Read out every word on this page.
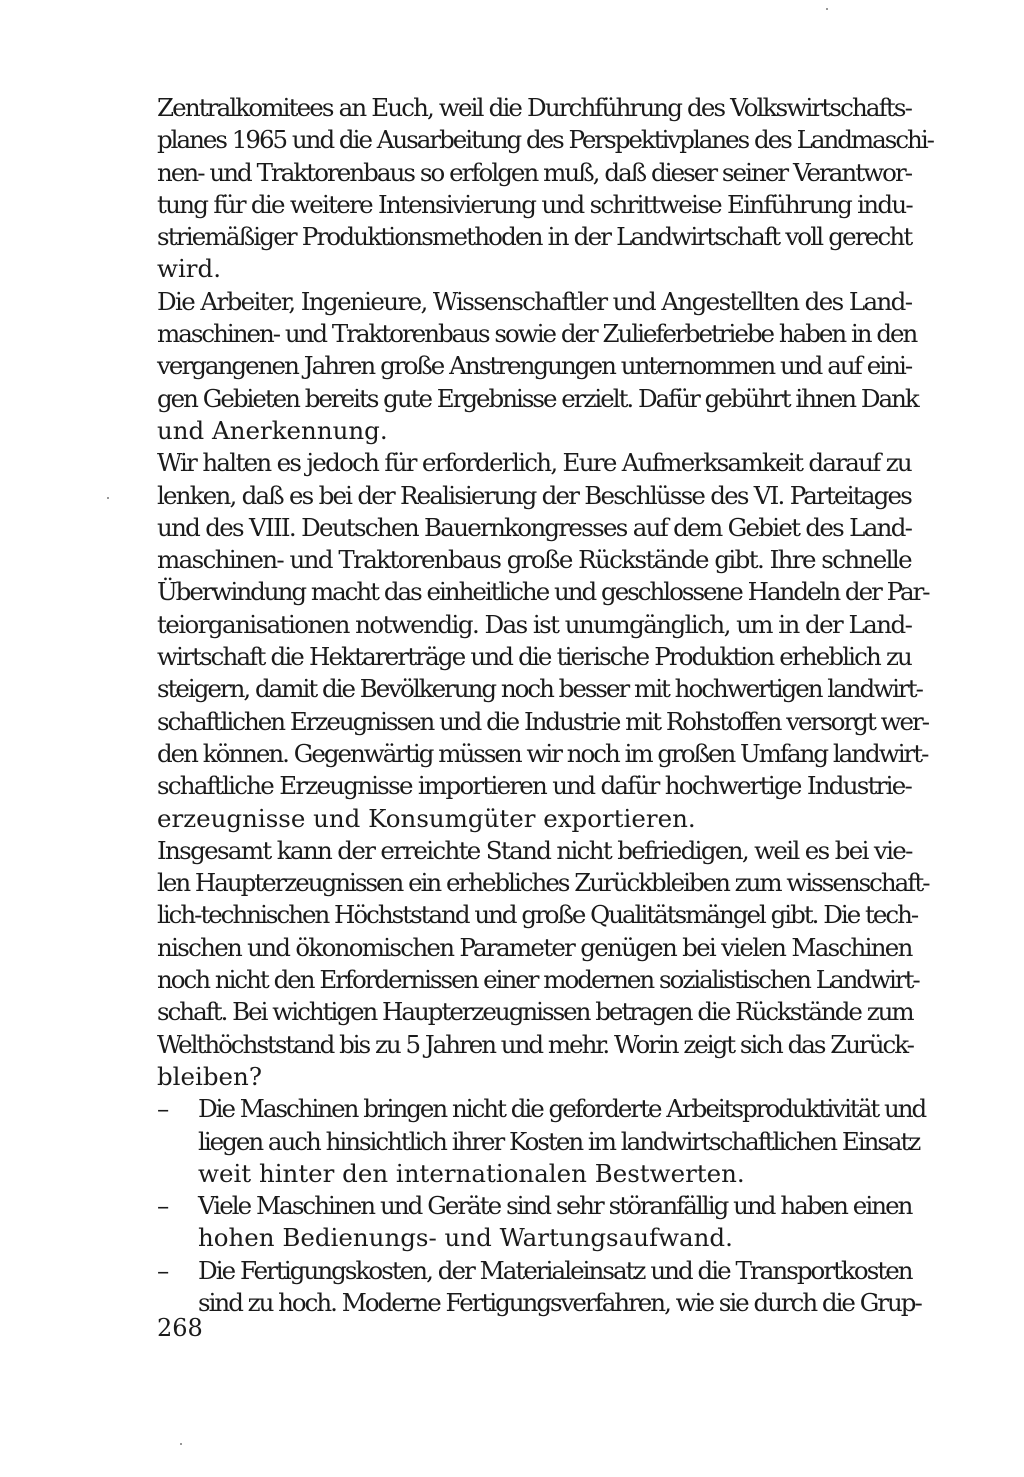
Zentralkomitees an Euch, weil die Durchführung des Volkswirtschafts-
planes 1965 und die Ausarbeitung des Perspektivplanes des Landmaschi-
nen- und Traktorenbaus so erfolgen muß, daß dieser seiner Verantwor-
tung für die weitere Intensivierung und schrittweise Einführung indu-
striemäßiger Produktionsmethoden in der Landwirtschaft voll gerecht
wird.
Die Arbeiter, Ingenieure, Wissenschaftler und Angestellten des Land-
maschinen- und Traktorenbaus sowie der Zulieferbetriebe haben in den
vergangenen Jahren große Anstrengungen unternommen und auf eini-
gen Gebieten bereits gute Ergebnisse erzielt. Dafür gebührt ihnen Dank
und Anerkennung.
Wir halten es jedoch für erforderlich, Eure Aufmerksamkeit darauf zu
lenken, daß es bei der Realisierung der Beschlüsse des VI. Parteitages
und des VIII. Deutschen Bauernkongresses auf dem Gebiet des Land-
maschinen- und Traktorenbaus große Rückstände gibt. Ihre schnelle
Überwindung macht das einheitliche und geschlossene Handeln der Par-
teiorganisationen notwendig. Das ist unumgänglich, um in der Land-
wirtschaft die Hektarerträge und die tierische Produktion erheblich zu
steigern, damit die Bevölkerung noch besser mit hochwertigen landwirt-
schaftlichen Erzeugnissen und die Industrie mit Rohstoffen versorgt wer-
den können. Gegenwärtig müssen wir noch im großen Umfang landwirt-
schaftliche Erzeugnisse importieren und dafür hochwertige Industrie-
erzeugnisse und Konsumgüter exportieren.
Insgesamt kann der erreichte Stand nicht befriedigen, weil es bei vie-
len Haupterzeugnissen ein erhebliches Zurückbleiben zum wissenschaft-
lich-technischen Höchststand und große Qualitätsmängel gibt. Die tech-
nischen und ökonomischen Parameter genügen bei vielen Maschinen
noch nicht den Erfordernissen einer modernen sozialistischen Landwirt-
schaft. Bei wichtigen Haupterzeugnissen betragen die Rückstände zum
Welthöchststand bis zu 5 Jahren und mehr. Worin zeigt sich das Zurück-
bleiben?
– Die Maschinen bringen nicht die geforderte Arbeitsproduktivität und
liegen auch hinsichtlich ihrer Kosten im landwirtschaftlichen Einsatz
weit hinter den internationalen Bestwerten.
– Viele Maschinen und Geräte sind sehr störanfällig und haben einen
hohen Bedienungs- und Wartungsaufwand.
– Die Fertigungskosten, der Materialeinsatz und die Transportkosten
sind zu hoch. Moderne Fertigungsverfahren, wie sie durch die Grup-
268
